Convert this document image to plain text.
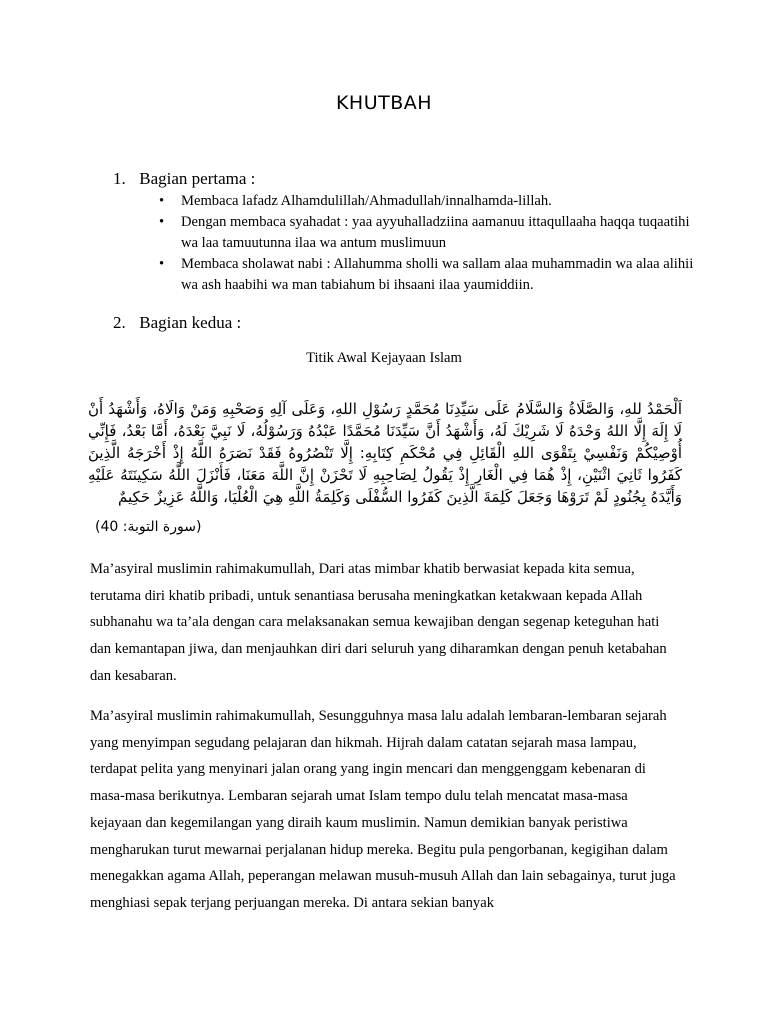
KHUTBAH
1. Bagian pertama :
• Membaca lafadz Alhamdulillah/Ahmadullah/innalhamda-lillah.
• Dengan membaca syahadat : yaa ayyuhalladziina aamanuu ittaqullaaha haqqa tuqaatihi wa laa tamuutunna ilaa wa antum muslimuun
• Membaca sholawat nabi : Allahumma sholli wa sallam alaa muhammadin wa alaa alihii wa ash haabihi wa man tabiahum bi ihsaani ilaa yaumiddiin.
2. Bagian kedua :
Titik Awal Kejayaan Islam
اَلْحَمْدُ للهِ، وَالصَّلَاةُ وَالسَّلَامُ عَلَى سَيِّدِنَا مُحَمَّدٍ رَسُوْلِ اللهِ، وَعَلَى آلِهِ وَصَحْبِهِ وَمَنْ وَالَاهُ، وَأَشْهَدُ أَنْ لَا إِلَهَ إِلَّا اللهُ وَحْدَهُ لَا شَرِيْكَ لَهُ، وَأَشْهَدُ أَنَّ سَيِّدَنَا مُحَمَّدًا عَبْدُهُ وَرَسُوْلُهُ، لَا نَبِيَّ بَعْدَهُ، أَمَّا بَعْدُ، فَإِنِّي أُوْصِيْكُمْ وَنَفْسِيْ بِتَقْوَى اللهِ الْقَائِلِ فِي مُحْكَمِ كِتَابِهِ: إِلَّا تَنْصُرُوهُ فَقَدْ نَصَرَهُ اللَّهُ إِذْ أَخْرَجَهُ الَّذِينَ كَفَرُوا ثَانِيَ اثْنَيْنِ، إِذْ هُمَا فِي الْغَارِ إِذْ يَقُولُ لِصَاحِبِهِ لَا تَحْزَنْ إِنَّ اللَّهَ مَعَنَا، فَأَنْزَلَ اللَّهُ سَكِينَتَهُ عَلَيْهِ وَأَيَّدَهُ بِجُنُودٍ لَمْ تَرَوْهَا وَجَعَلَ كَلِمَةَ الَّذِينَ كَفَرُوا السُّفْلَى وَكَلِمَةُ اللَّهِ هِيَ الْعُلْيَا، وَاللَّهُ عَزِيزٌ حَكِيمٌ
(سورة التوبة: 40)

Ma’asyiral muslimin rahimakumullah, Dari atas mimbar khatib berwasiat kepada kita semua, terutama diri khatib pribadi, untuk senantiasa berusaha meningkatkan ketakwaan kepada Allah subhanahu wa ta’ala dengan cara melaksanakan semua kewajiban dengan segenap keteguhan hati dan kemantapan jiwa, dan menjauhkan diri dari seluruh yang diharamkan dengan penuh ketabahan dan kesabaran.

Ma’asyiral muslimin rahimakumullah, Sesungguhnya masa lalu adalah lembaran-lembaran sejarah yang menyimpan segudang pelajaran dan hikmah. Hijrah dalam catatan sejarah masa lampau, terdapat pelita yang menyinari jalan orang yang ingin mencari dan menggenggam kebenaran di masa-masa berikutnya. Lembaran sejarah umat Islam tempo dulu telah mencatat masa-masa kejayaan dan kegemilangan yang diraih kaum muslimin. Namun demikian banyak peristiwa mengharukan turut mewarnai perjalanan hidup mereka. Begitu pula pengorbanan, kegigihan dalam menegakkan agama Allah, peperangan melawan musuh-musuh Allah dan lain sebagainya, turut juga menghiasi sepak terjang perjuangan mereka. Di antara sekian banyak
